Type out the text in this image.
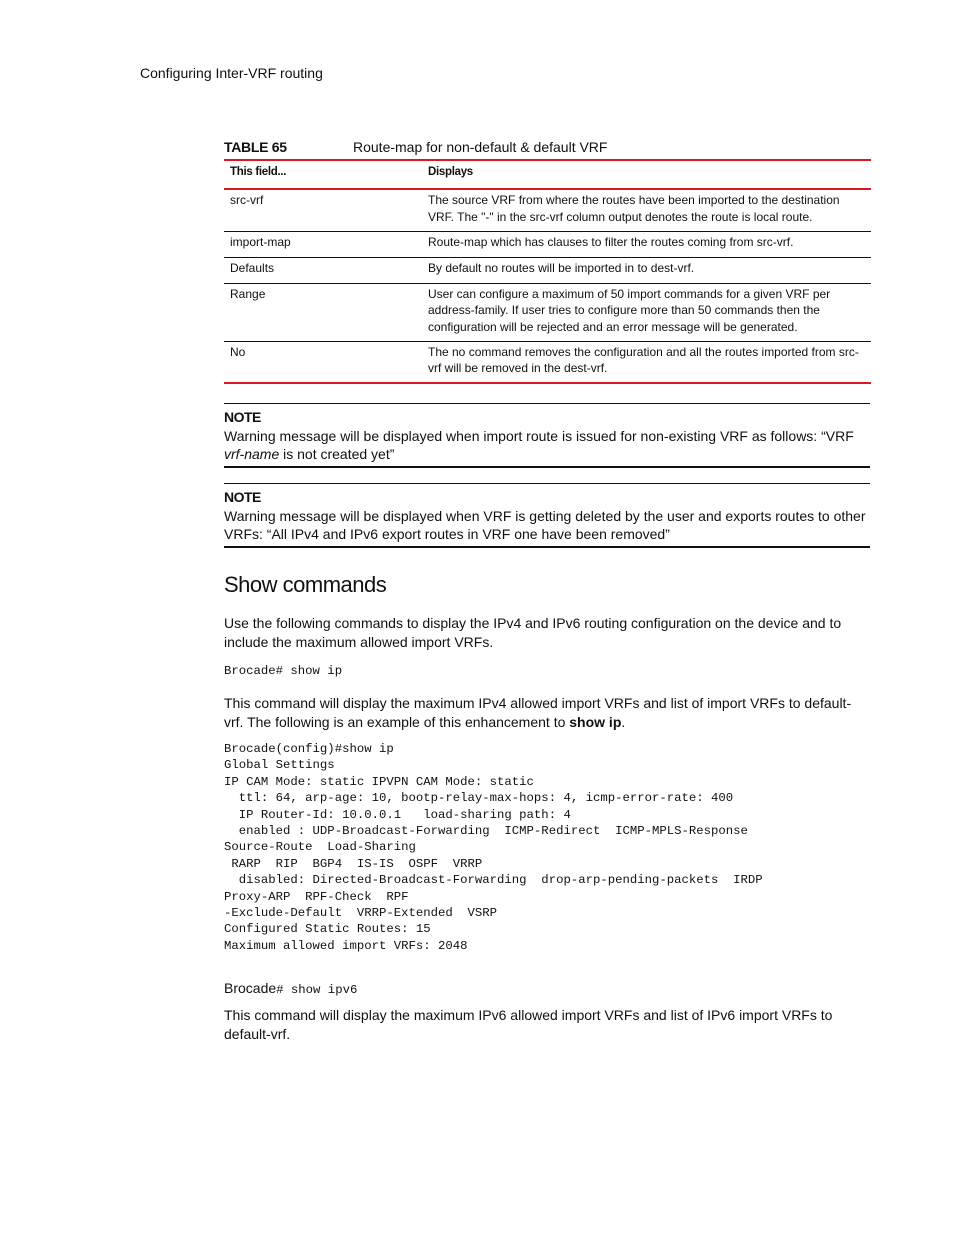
Configuring Inter-VRF routing
TABLE 65	Route-map for non-default & default VRF
This field...	Displays
src-vrf	The source VRF from where the routes have been imported to the destination VRF. The "-" in the src-vrf column output denotes the route is local route.
import-map	Route-map which has clauses to filter the routes coming from src-vrf.
Defaults	By default no routes will be imported in to dest-vrf.
Range	User can configure a maximum of 50 import commands for a given VRF per address-family. If user tries to configure more than 50 commands then the configuration will be rejected and an error message will be generated.
No	The no command removes the configuration and all the routes imported from src-vrf will be removed in the dest-vrf.
NOTE
Warning message will be displayed when import route is issued for non-existing VRF as follows: “VRF vrf-name is not created yet”
NOTE
Warning message will be displayed when VRF is getting deleted by the user and exports routes to other VRFs: “All IPv4 and IPv6 export routes in VRF one have been removed”
Show commands
Use the following commands to display the IPv4 and IPv6 routing configuration on the device and to include the maximum allowed import VRFs.
Brocade# show ip
This command will display the maximum IPv4 allowed import VRFs and list of import VRFs to default-vrf. The following is an example of this enhancement to show ip.
Brocade(config)#show ip
Global Settings
IP CAM Mode: static IPVPN CAM Mode: static
ttl: 64, arp-age: 10, bootp-relay-max-hops: 4, icmp-error-rate: 400
IP Router-Id: 10.0.0.1   load-sharing path: 4
enabled : UDP-Broadcast-Forwarding  ICMP-Redirect  ICMP-MPLS-Response
Source-Route  Load-Sharing
RARP  RIP  BGP4  IS-IS  OSPF  VRRP
disabled: Directed-Broadcast-Forwarding  drop-arp-pending-packets  IRDP
Proxy-ARP  RPF-Check  RPF
-Exclude-Default  VRRP-Extended  VSRP
Configured Static Routes: 15
Maximum allowed import VRFs: 2048
Brocade# show ipv6
This command will display the maximum IPv6 allowed import VRFs and list of IPv6 import VRFs to default-vrf.
